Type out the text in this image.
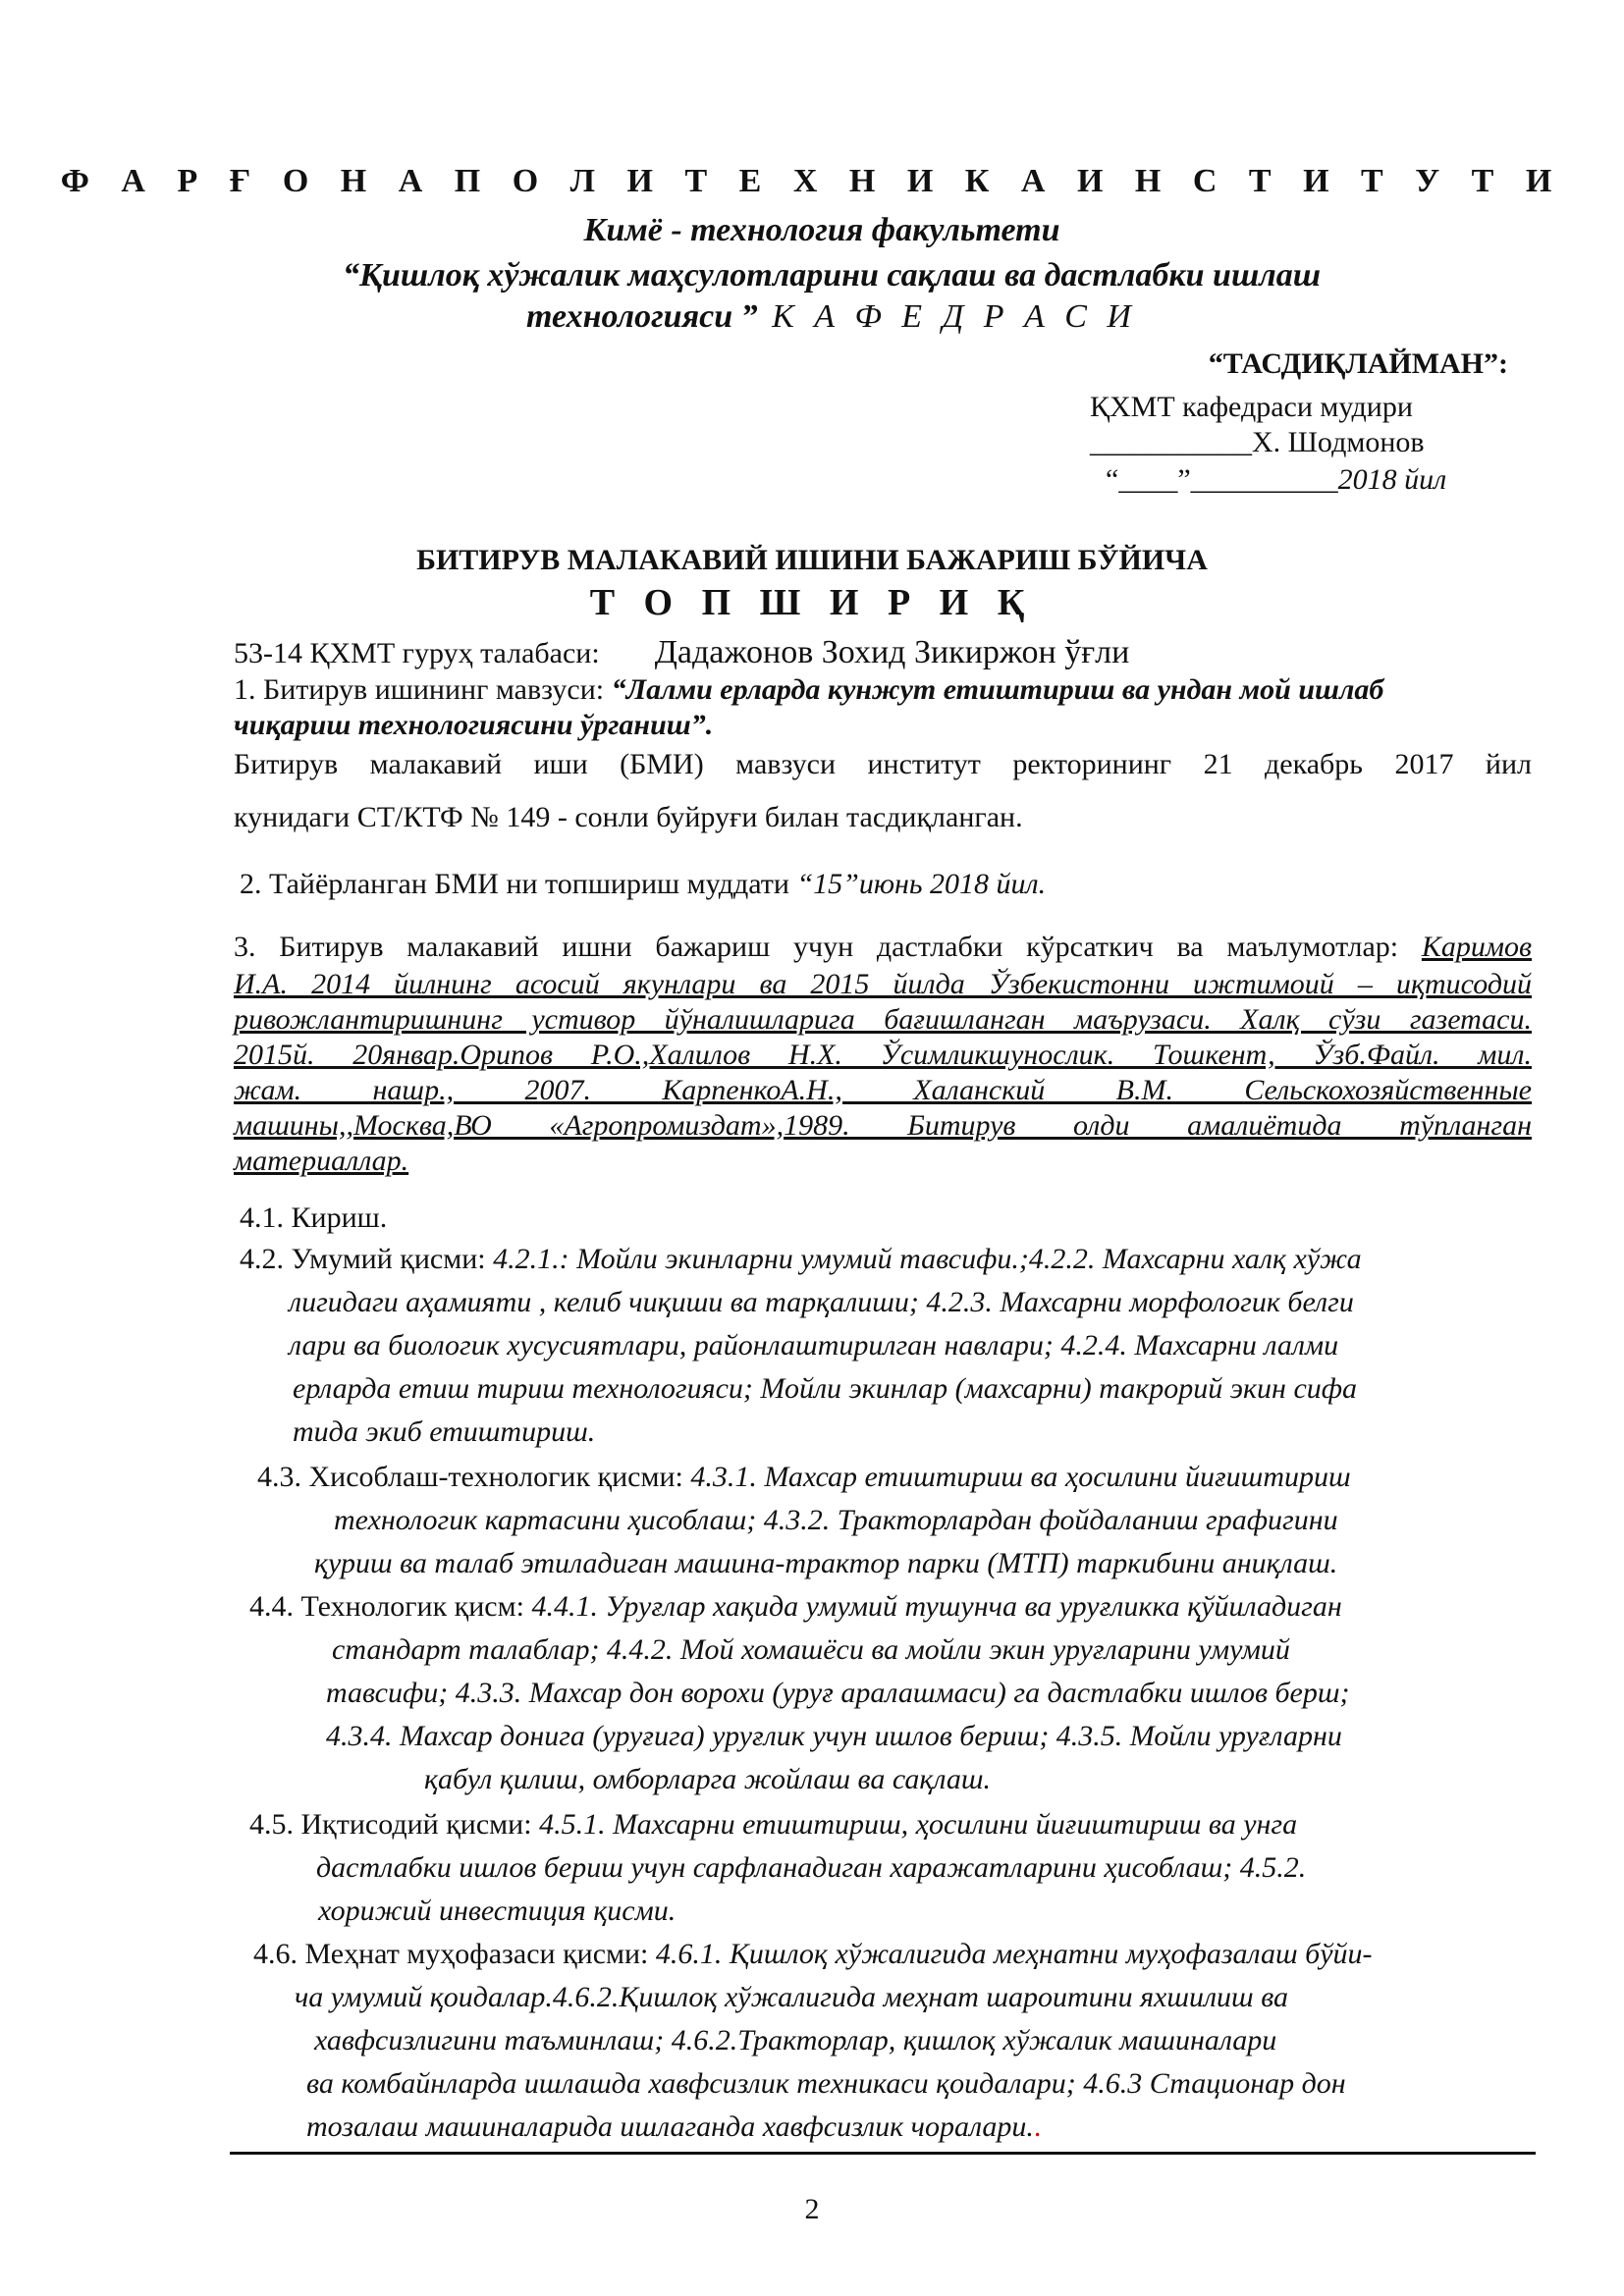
Ф А Р Ғ О Н А П О Л И Т Е Х Н И К А И Н С Т И Т У Т И
Кимё - технология факультети
“Қишлоқ хўжалик маҳсулотларини сақлаш ва дастлабки ишлаш
технологияси ” К А Ф Е Д Р А С И
“ТАСДИҚЛАЙМАН”:
ҚХМТ кафедраси мудири
___________Х. Шодмонов
“____”__________2018 йил
БИТИРУВ МАЛАКАВИЙ ИШИНИ БАЖАРИШ БЎЙИЧА
Т О П Ш И Р И Қ
53-14 ҚХМТ гуруҳ талабаси: Дадажонов Зохид Зикиржон ўғли
1. Битирув ишининг мавзуси: “Лалми ерларда кунжут етиштириш ва ундан мой ишлаб
чиқариш технологиясини ўрганиш”.
Битирув малакавий иши (БМИ) мавзуси институт ректорининг 21 декабрь 2017 йил
кунидаги СТ/КТФ № 149 - сонли буйруғи билан тасдиқланган.
2. Тайёрланган БМИ ни топшириш муддати “15”июнь 2018 йил.
3. Битирув малакавий ишни бажариш учун дастлабки кўрсаткич ва маълумотлар: Каримов
И.А. 2014 йилнинг асосий якунлари ва 2015 йилда Ўзбекистонни ижтимоий – иқтисодий
ривожлантиришнинг устивор йўналишларига бағишланган маърузаси. Халқ сўзи газетаси.
2015й. 20январ.Орипов Р.О.,Халилов Н.Х. Ўсимликшунослик. Тошкент, Ўзб.Файл. мил.
жам. нашр., 2007. КарпенкоА.Н., Халанский В.М. Сельскохозяйственные
машины,,Москва,ВО «Агропромиздат»,1989. Битирув олди амалиётида тўпланган
материаллар.
4.1. Кириш.
4.2. Умумий қисми: 4.2.1.: Мойли экинларни умумий тавсифи.;4.2.2. Махсарни халқ хўжа
лигидаги аҳамияти , келиб чиқиши ва тарқалиши; 4.2.3. Махсарни морфологик белги
лари ва биологик хусусиятлари, районлаштирилган навлари; 4.2.4. Махсарни лалми
ерларда етиш тириш технологияси; Мойли экинлар (махсарни) такрорий экин сифа
тида экиб етиштириш.
4.3. Хисоблаш-технологик қисми: 4.3.1. Махсар етиштириш ва ҳосилини йиғиштириш
технологик картасини ҳисоблаш; 4.3.2. Тракторлардан фойдаланиш графигини
қуриш ва талаб этиладиган машина-трактор парки (МТП) таркибини аниқлаш.
4.4. Технологик қисм: 4.4.1. Уруғлар хақида умумий тушунча ва уруғликка қўйиладиган
стандарт талаблар; 4.4.2. Мой хомашёси ва мойли экин уруғларини умумий
тавсифи; 4.3.3. Махсар дон ворохи (уруғ аралашмаси) га дастлабки ишлов берш;
4.3.4. Махсар донига (уруғига) уруғлик учун ишлов бериш; 4.3.5. Мойли уруғларни
қабул қилиш, омборларга жойлаш ва сақлаш.
4.5. Иқтисодий қисми: 4.5.1. Махсарни етиштириш, ҳосилини йиғиштириш ва унга
дастлабки ишлов бериш учун сарфланадиган харажатларини ҳисоблаш; 4.5.2.
хорижий инвестиция қисми.
4.6. Меҳнат муҳофазаси қисми: 4.6.1. Қишлоқ хўжалигида меҳнатни муҳофазалаш бўйи-
ча умумий қоидалар.4.6.2.Қишлоқ хўжалигида меҳнат шароитини яхшилиш ва
хавфсизлигини таъминлаш; 4.6.2.Тракторлар, қишлоқ хўжалик машиналари
ва комбайнларда ишлашда хавфсизлик техникаси қоидалари; 4.6.3 Стационар дон
тозалаш машиналарида ишлаганда хавфсизлик чоралари..
2
